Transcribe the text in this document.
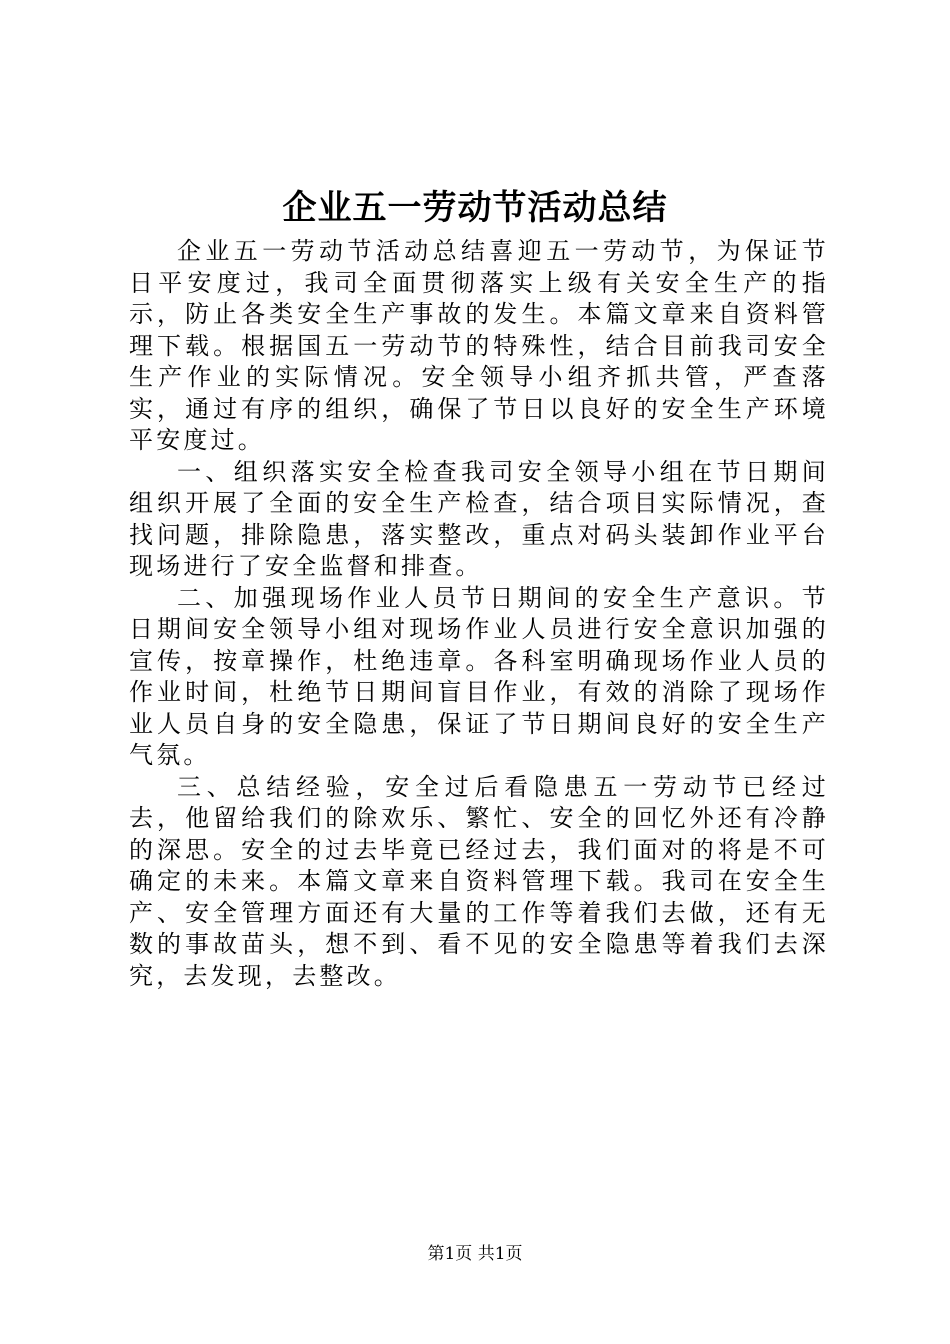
企业五一劳动节活动总结

企业五一劳动节活动总结喜迎五一劳动节，为保证节日平安度过，我司全面贯彻落实上级有关安全生产的指示，防止各类安全生产事故的发生。本篇文章来自资料管理下载。根据国五一劳动节的特殊性，结合目前我司安全生产作业的实际情况。安全领导小组齐抓共管，严查落实，通过有序的组织，确保了节日以良好的安全生产环境平安度过。

一、组织落实安全检查我司安全领导小组在节日期间组织开展了全面的安全生产检查，结合项目实际情况，查找问题，排除隐患，落实整改，重点对码头装卸作业平台现场进行了安全监督和排查。

二、加强现场作业人员节日期间的安全生产意识。节日期间安全领导小组对现场作业人员进行安全意识加强的宣传，按章操作，杜绝违章。各科室明确现场作业人员的作业时间，杜绝节日期间盲目作业，有效的消除了现场作业人员自身的安全隐患，保证了节日期间良好的安全生产气氛。

三、总结经验，安全过后看隐患五一劳动节已经过去，他留给我们的除欢乐、繁忙、安全的回忆外还有冷静的深思。安全的过去毕竟已经过去，我们面对的将是不可确定的未来。本篇文章来自资料管理下载。我司在安全生产、安全管理方面还有大量的工作等着我们去做，还有无数的事故苗头，想不到、看不见的安全隐患等着我们去深究，去发现，去整改。

第1页 共1页
